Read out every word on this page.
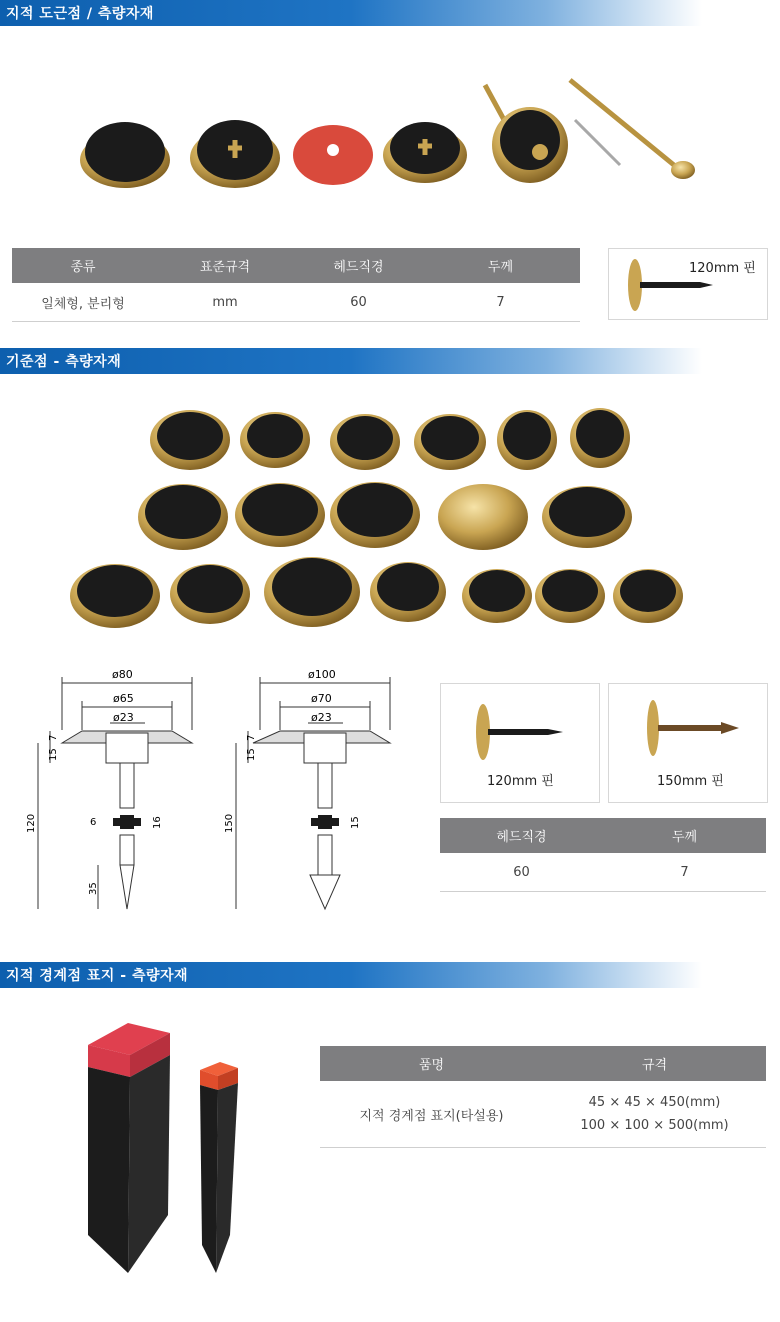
지적 도근점 / 측량자재
종류	표준규격	헤드직경	두께
일체형, 분리형	mm	60	7
120mm 핀
기준점 - 측량자재
ø80
ø65
ø23
15
7
120	6	16
35
ø100
ø70
ø23
15
7
150	15
120mm 핀	150mm 핀
헤드직경	두께
60	7
지적 경계점 표지 - 측량자재
품명	규격
지적 경계점 표지(타설용)	45 × 45 × 450(mm)
100 × 100 × 500(mm)
